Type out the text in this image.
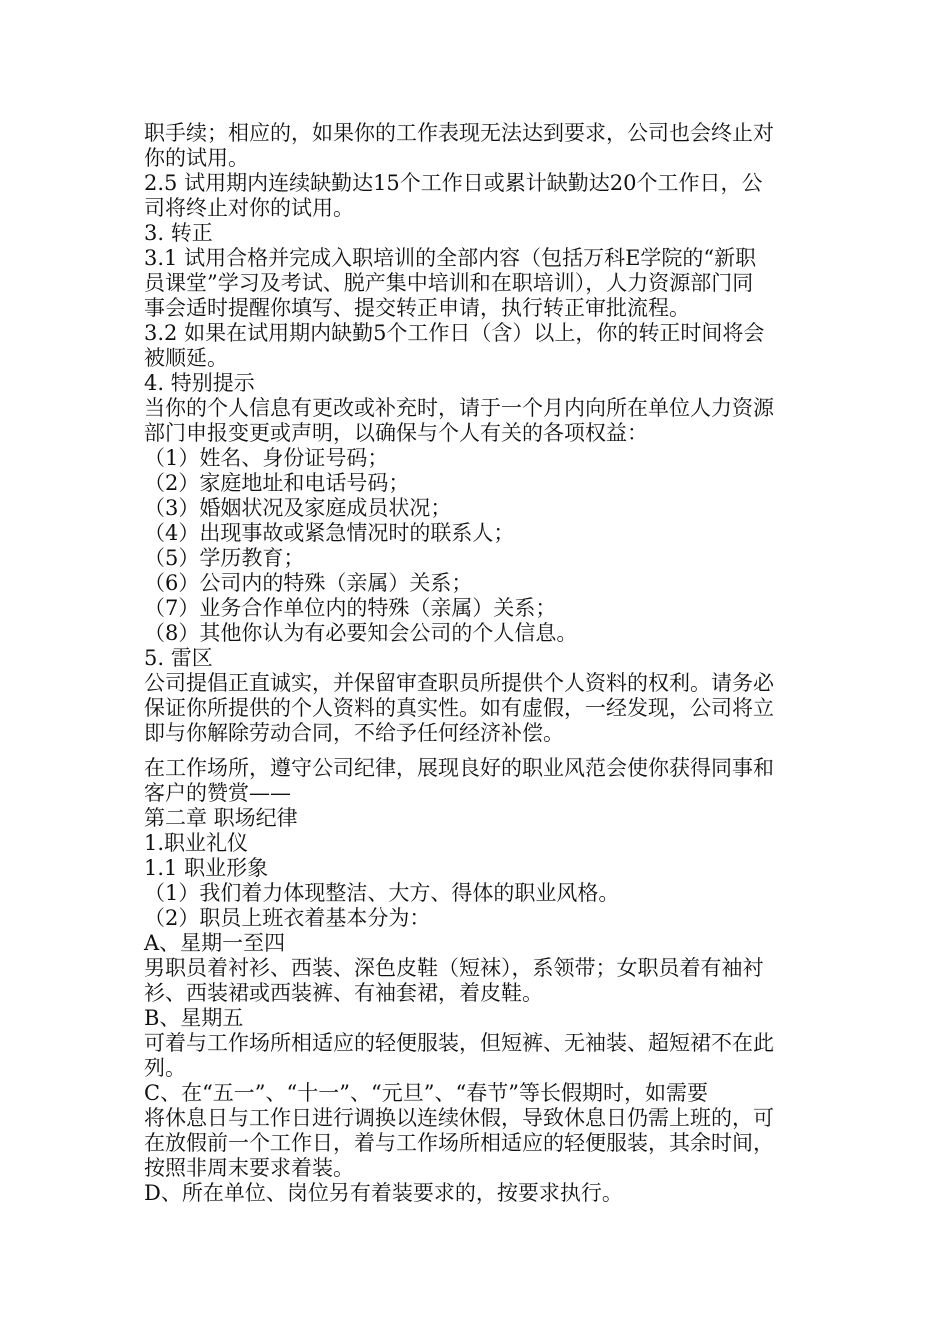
职手续；相应的，如果你的工作表现无法达到要求，公司也会终止对

你的试用。

2.5 试用期内连续缺勤达15个工作日或累计缺勤达20个工作日，公

司将终止对你的试用。

3. 转正

3.1 试用合格并完成入职培训的全部内容（包括万科E学院的“新职

员课堂”学习及考试、脱产集中培训和在职培训），人力资源部门同

事会适时提醒你填写、提交转正申请，执行转正审批流程。

3.2 如果在试用期内缺勤5个工作日（含）以上，你的转正时间将会

被顺延。

4. 特别提示

当你的个人信息有更改或补充时，请于一个月内向所在单位人力资源

部门申报变更或声明，以确保与个人有关的各项权益：

（1）姓名、身份证号码；

（2）家庭地址和电话号码；

（3）婚姻状况及家庭成员状况；

（4）出现事故或紧急情况时的联系人；

（5）学历教育；

（6）公司内的特殊（亲属）关系；

（7）业务合作单位内的特殊（亲属）关系；

（8）其他你认为有必要知会公司的个人信息。

5. 雷区

公司提倡正直诚实，并保留审查职员所提供个人资料的权利。请务必

保证你所提供的个人资料的真实性。如有虚假，一经发现，公司将立

即与你解除劳动合同，不给予任何经济补偿。

在工作场所，遵守公司纪律，展现良好的职业风范会使你获得同事和

客户的赞赏——

第二章 职场纪律

1.职业礼仪

1.1 职业形象

（1）我们着力体现整洁、大方、得体的职业风格。

（2）职员上班衣着基本分为：

A、星期一至四

男职员着衬衫、西装、深色皮鞋（短袜），系领带；女职员着有袖衬

衫、西装裙或西装裤、有袖套裙，着皮鞋。

B、星期五

可着与工作场所相适应的轻便服装，但短裤、无袖装、超短裙不在此

列。

C、在“五一”、“十一”、“元旦”、“春节”等长假期时，如需要

将休息日与工作日进行调换以连续休假，导致休息日仍需上班的，可

在放假前一个工作日，着与工作场所相适应的轻便服装，其余时间，

按照非周末要求着装。

D、所在单位、岗位另有着装要求的，按要求执行。
